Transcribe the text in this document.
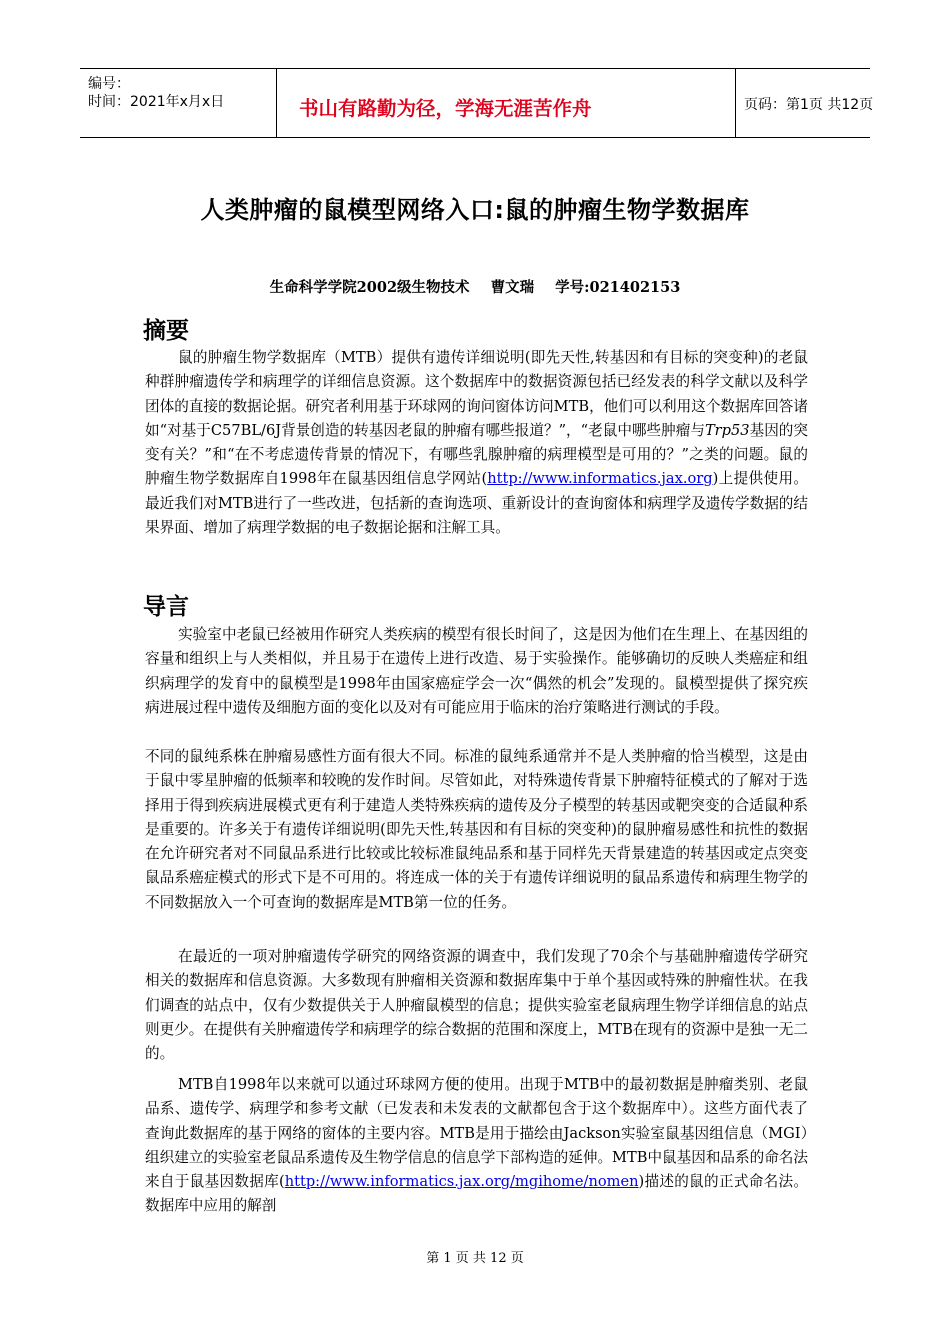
编号：
时间：2021年x月x日	书山有路勤为径，学海无涯苦作舟	页码：第1页 共12页
人类肿瘤的鼠模型网络入口:鼠的肿瘤生物学数据库
生命科学学院2002级生物技术 曹文瑞 学号:021402153
摘要

鼠的肿瘤生物学数据库（MTB）提供有遗传详细说明(即先天性,转基因和有目标的突变种)的老鼠种群肿瘤遗传学和病理学的详细信息资源。这个数据库中的数据资源包括已经发表的科学文献以及科学团体的直接的数据论据。研究者利用基于环球网的询问窗体访问MTB，他们可以利用这个数据库回答诸如“对基于C57BL/6J背景创造的转基因老鼠的肿瘤有哪些报道？”，“老鼠中哪些肿瘤与Trp53基因的突变有关？”和“在不考虑遗传背景的情况下，有哪些乳腺肿瘤的病理模型是可用的？”之类的问题。鼠的肿瘤生物学数据库自1998年在鼠基因组信息学网站(http://www.informatics.jax.org)上提供使用。最近我们对MTB进行了一些改进，包括新的查询选项、重新设计的查询窗体和病理学及遗传学数据的结果界面、增加了病理学数据的电子数据论据和注解工具。

导言

实验室中老鼠已经被用作研究人类疾病的模型有很长时间了，这是因为他们在生理上、在基因组的容量和组织上与人类相似，并且易于在遗传上进行改造、易于实验操作。能够确切的反映人类癌症和组织病理学的发育中的鼠模型是1998年由国家癌症学会一次“偶然的机会”发现的。鼠模型提供了探究疾病进展过程中遗传及细胞方面的变化以及对有可能应用于临床的治疗策略进行测试的手段。

不同的鼠纯系株在肿瘤易感性方面有很大不同。标准的鼠纯系通常并不是人类肿瘤的恰当模型，这是由于鼠中零星肿瘤的低频率和较晚的发作时间。尽管如此，对特殊遗传背景下肿瘤特征模式的了解对于选择用于得到疾病进展模式更有利于建造人类特殊疾病的遗传及分子模型的转基因或靶突变的合适鼠种系是重要的。许多关于有遗传详细说明(即先天性,转基因和有目标的突变种)的鼠肿瘤易感性和抗性的数据在允许研究者对不同鼠品系进行比较或比较标准鼠纯品系和基于同样先天背景建造的转基因或定点突变鼠品系癌症模式的形式下是不可用的。将连成一体的关于有遗传详细说明的鼠品系遗传和病理生物学的不同数据放入一个可查询的数据库是MTB第一位的任务。

在最近的一项对肿瘤遗传学研究的网络资源的调查中，我们发现了70余个与基础肿瘤遗传学研究相关的数据库和信息资源。大多数现有肿瘤相关资源和数据库集中于单个基因或特殊的肿瘤性状。在我们调查的站点中，仅有少数提供关于人肿瘤鼠模型的信息；提供实验室老鼠病理生物学详细信息的站点则更少。在提供有关肿瘤遗传学和病理学的综合数据的范围和深度上，MTB在现有的资源中是独一无二的。

MTB自1998年以来就可以通过环球网方便的使用。出现于MTB中的最初数据是肿瘤类别、老鼠品系、遗传学、病理学和参考文献（已发表和未发表的文献都包含于这个数据库中）。这些方面代表了查询此数据库的基于网络的窗体的主要内容。MTB是用于描绘由Jackson实验室鼠基因组信息（MGI）组织建立的实验室老鼠品系遗传及生物学信息的信息学下部构造的延伸。MTB中鼠基因和品系的命名法来自于鼠基因数据库(http://www.informatics.jax.org/mgihome/nomen)描述的鼠的正式命名法。数据库中应用的解剖

第 1 页 共 12 页
